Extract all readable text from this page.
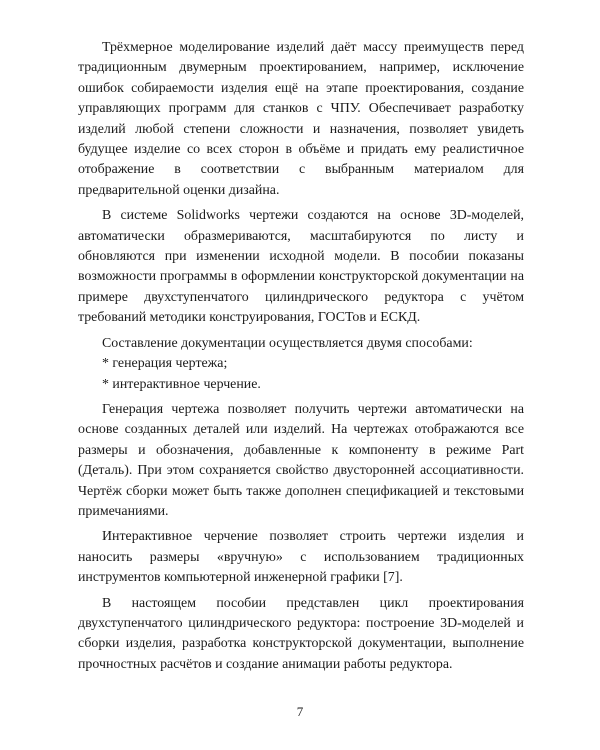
Трёхмерное моделирование изделий даёт массу преимуществ перед традиционным двумерным проектированием, например, исключение ошибок собираемости изделия ещё на этапе проектирования, создание управляющих программ для станков с ЧПУ. Обеспечивает разработку изделий любой степени сложности и назначения, позволяет увидеть будущее изделие со всех сторон в объёме и придать ему реалистичное отображение в соответствии с выбранным материалом для предварительной оценки дизайна.

В системе Solidworks чертежи создаются на основе 3D-моделей, автоматически образмериваются, масштабируются по листу и обновляются при изменении исходной модели. В пособии показаны возможности программы в оформлении конструкторской документации на примере двухступенчатого цилиндрического редуктора с учётом требований методики конструирования, ГОСТов и ЕСКД.

Составление документации осуществляется двумя способами:

* генерация чертежа;

* интерактивное черчение.

Генерация чертежа позволяет получить чертежи автоматически на основе созданных деталей или изделий. На чертежах отображаются все размеры и обозначения, добавленные к компоненту в режиме Part (Деталь). При этом сохраняется свойство двусторонней ассоциативности. Чертёж сборки может быть также дополнен спецификацией и текстовыми примечаниями.

Интерактивное черчение позволяет строить чертежи изделия и наносить размеры «вручную» с использованием традиционных инструментов компьютерной инженерной графики [7].

В настоящем пособии представлен цикл проектирования двухступенчатого цилиндрического редуктора: построение 3D-моделей и сборки изделия, разработка конструкторской документации, выполнение прочностных расчётов и создание анимации работы редуктора.

7
